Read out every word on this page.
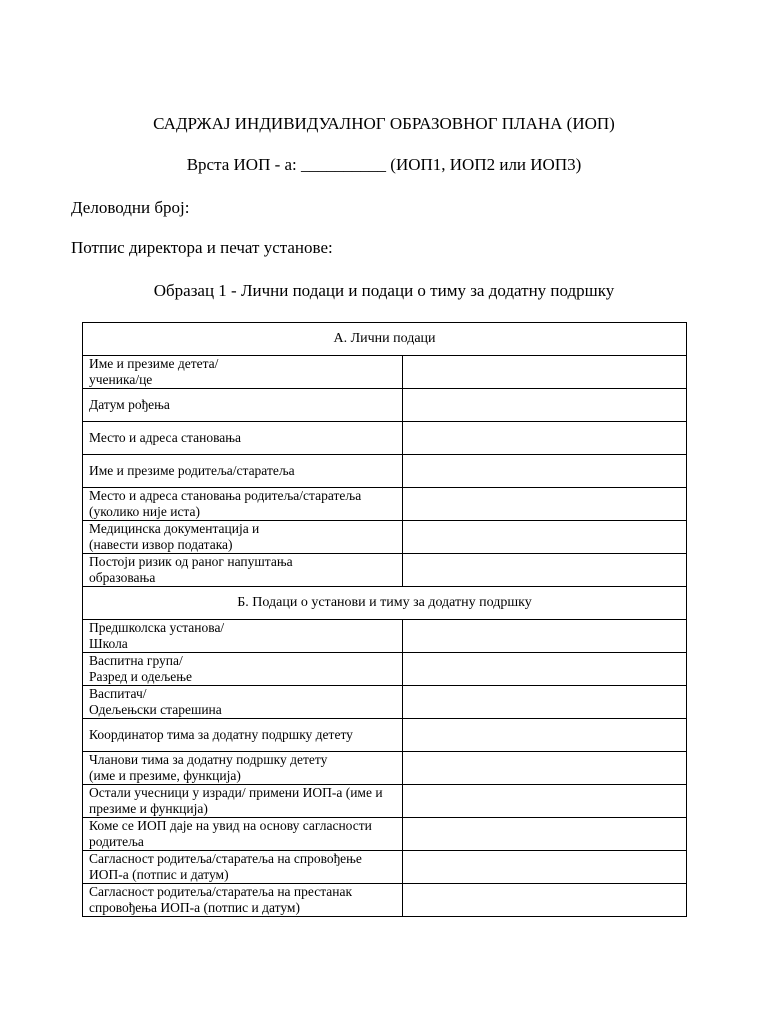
САДРЖАЈ ИНДИВИДУАЛНОГ ОБРАЗОВНОГ ПЛАНА (ИОП)
Врста ИОП - а: __________ (ИОП1, ИОП2 или ИОП3)
Деловодни број:
Потпис директора и печат установе:
Образац 1 - Лични подаци и подаци о тиму за додатну подршку
А. Лични подаци	

Име и презиме детета/
ученика/це	

Датум рођења	

Место и адреса становања	

Име и презиме родитеља/старатеља	

Место и адреса становања родитеља/старатеља
(уколико није иста)	

Медицинска документација и
(навести извор података)	

Постоји ризик од раног напуштања
образовања	

Б. Подаци о установи и тиму за додатну подршку	

Предшколска установа/
Школа	

Васпитна група/
Разред и одељење	

Васпитач/
Одељењски старешина	

Координатор тима за додатну подршку детету	

Чланови тима за додатну подршку детету
(име и презиме, функција)	

Остали учесници у изради/ примени ИОП-а (име и
презиме и функција)	

Коме се ИОП даје на увид на основу сагласности
родитеља	

Сагласност родитеља/старатеља на спровођење
ИОП-а (потпис и датум)	

Сагласност родитеља/старатеља на престанак
спровођења ИОП-а (потпис и датум)	
